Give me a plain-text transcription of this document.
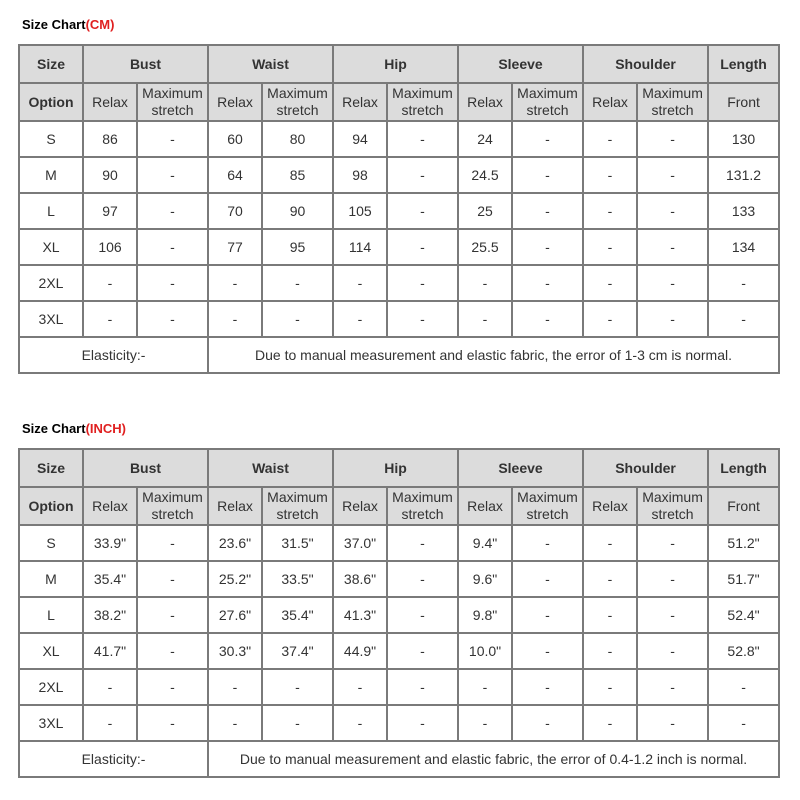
Size Chart(CM)
Size	Bust		Waist		Hip		Sleeve		Shoulder		Length
Option	Relax	Maximum stretch	Relax	Maximum stretch	Relax	Maximum stretch	Relax	Maximum stretch	Relax	Maximum stretch	Front
S	86	-	60	80	94	-	24	-	-	-	130
M	90	-	64	85	98	-	24.5	-	-	-	131.2
L	97	-	70	90	105	-	25	-	-	-	133
XL	106	-	77	95	114	-	25.5	-	-	-	134
2XL	-	-	-	-	-	-	-	-	-	-	-
3XL	-	-	-	-	-	-	-	-	-	-	-
Elasticity:-			Due to manual measurement and elastic fabric, the error of 1-3 cm is normal.								
Size Chart(INCH)
Size	Bust		Waist		Hip		Sleeve		Shoulder		Length
Option	Relax	Maximum stretch	Relax	Maximum stretch	Relax	Maximum stretch	Relax	Maximum stretch	Relax	Maximum stretch	Front
S	33.9"	-	23.6"	31.5"	37.0"	-	9.4"	-	-	-	51.2"
M	35.4"	-	25.2"	33.5"	38.6"	-	9.6"	-	-	-	51.7"
L	38.2"	-	27.6"	35.4"	41.3"	-	9.8"	-	-	-	52.4"
XL	41.7"	-	30.3"	37.4"	44.9"	-	10.0"	-	-	-	52.8"
2XL	-	-	-	-	-	-	-	-	-	-	-
3XL	-	-	-	-	-	-	-	-	-	-	-
Elasticity:-			Due to manual measurement and elastic fabric, the error of 0.4-1.2 inch is normal.								
